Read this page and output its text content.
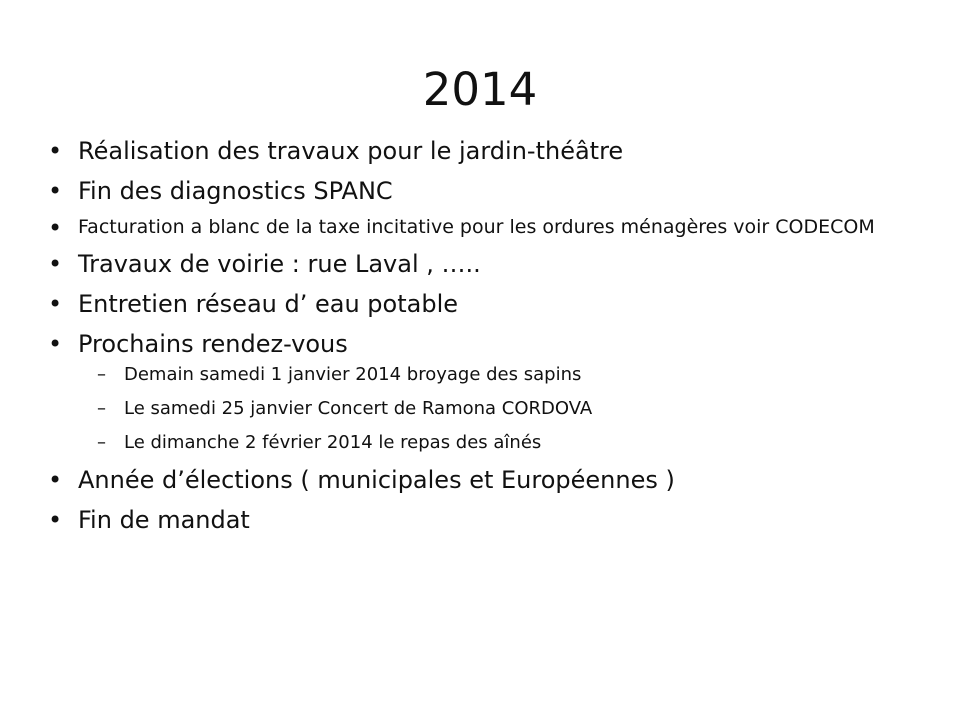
2014
• Réalisation des travaux pour le jardin-théâtre
• Fin des diagnostics SPANC
• Facturation a blanc de la taxe incitative pour les ordures ménagères voir CODECOM
• Travaux de voirie : rue Laval , …..
• Entretien réseau d’ eau potable
• Prochains rendez-vous
– Demain samedi 1 janvier 2014 broyage des sapins
– Le samedi 25 janvier Concert de Ramona CORDOVA
– Le dimanche 2 février 2014 le repas des aînés
• Année d’élections ( municipales et Européennes )
• Fin de mandat
